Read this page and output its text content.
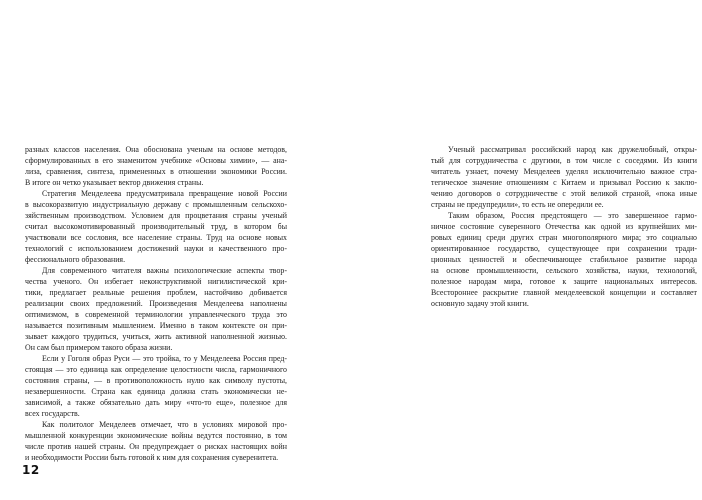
разных классов населения. Она обоснована ученым на основе методов,
сформулированных в его знаменитом учебнике «Основы химии», — ана-
лиза, сравнения, синтеза, примененных в отношении экономики России.
В итоге он четко указывает вектор движения страны.
Стратегия Менделеева предусматривала превращение новой России
в высокоразвитую индустриальную державу с промышленным сельскохо-
зяйственным производством. Условием для процветания страны ученый
считал высокомотивированный производительный труд, в котором бы
участвовали все сословия, все население страны. Труд на основе новых
технологий с использованием достижений науки и качественного про-
фессионального образования.
Для современного читателя важны психологические аспекты твор-
чества ученого. Он избегает неконструктивной нигилистической кри-
тики, предлагает реальные решения проблем, настойчиво добивается
реализации своих предложений. Произведения Менделеева наполнены
оптимизмом, в современной терминологии управленческого труда это
называется позитивным мышлением. Именно в таком контексте он при-
зывает каждого трудиться, учиться, жить активной наполненной жизнью.
Он сам был примером такого образа жизни.
Если у Гоголя образ Руси — это тройка, то у Менделеева Россия пред-
стоящая — это единица как определение целостности числа, гармоничного
состояния страны, — в противоположность нулю как символу пустоты,
незавершенности. Страна как единица должна стать экономически не-
зависимой, а также обязательно дать миру «что-то еще», полезное для
всех государств.
Как политолог Менделеев отмечает, что в условиях мировой про-
мышленной конкуренции экономические войны ведутся постоянно, в том
числе против нашей страны. Он предупреждает о рисках настоящих войн
и необходимости России быть готовой к ним для сохранения суверенитета.
Ученый рассматривал российский народ как дружелюбный, откры-
тый для сотрудничества с другими, в том числе с соседями. Из книги
читатель узнает, почему Менделеев уделял исключительно важное стра-
тегическое значение отношениям с Китаем и призывал Россию к заклю-
чению договоров о сотрудничестве с этой великой страной, «пока иные
страны не предупредили», то есть не опередили ее.
Таким образом, Россия предстоящего — это завершенное гармо-
ничное состояние суверенного Отечества как одной из крупнейших ми-
ровых единиц среди других стран многополярного мира; это социально
ориентированное государство, существующее при сохранении тради-
ционных ценностей и обеспечивающее стабильное развитие народа
на основе промышленности, сельского хозяйства, науки, технологий,
полезное народам мира, готовое к защите национальных интересов.
Всестороннее раскрытие главной менделеевской концепции и составляет
основную задачу этой книги.
12
